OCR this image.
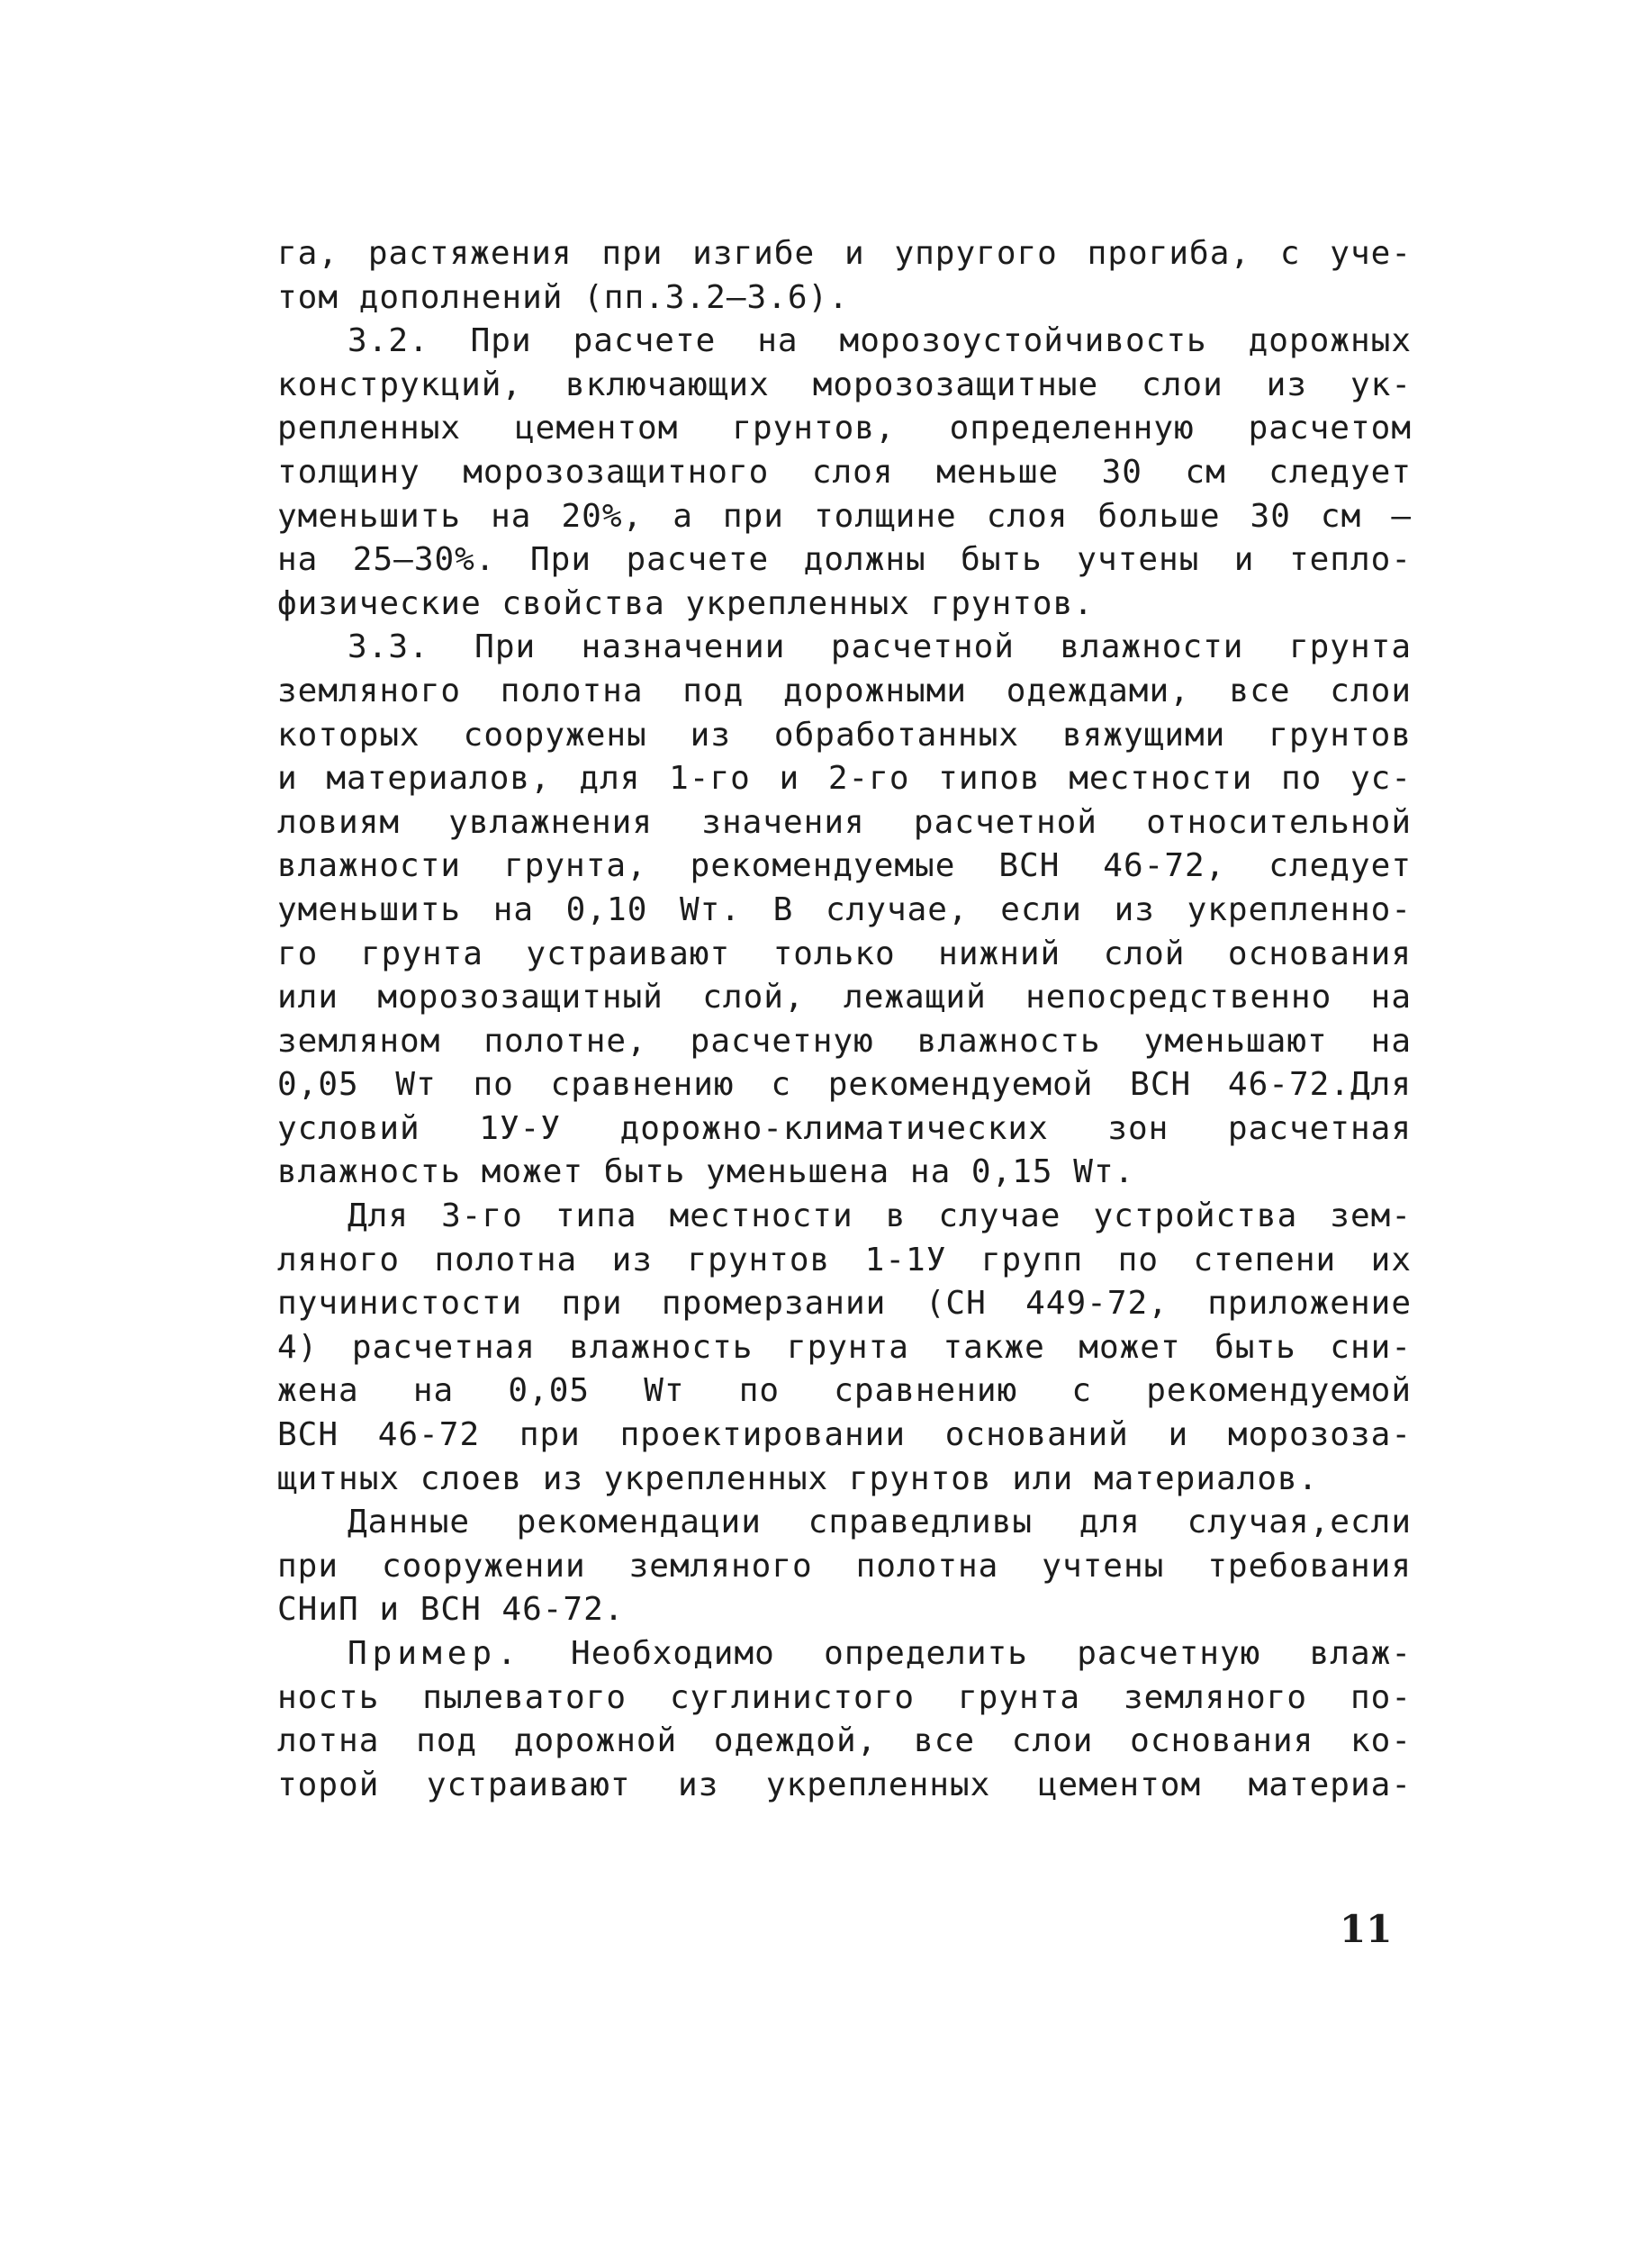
га, растяжения при изгибе и упругого прогиба, с уче-
том дополнений (пп.3.2–3.6).
3.2. При расчете на морозоустойчивость дорожных
конструкций, включающих морозозащитные слои из ук-
репленных цементом грунтов, определенную расчетом
толщину морозозащитного слоя меньше 30 см следует
уменьшить на 20%, а при толщине слоя больше 30 см –
на 25–30%. При расчете должны быть учтены и тепло-
физические свойства укрепленных грунтов.
3.3. При назначении расчетной влажности грунта
земляного полотна под дорожными одеждами, все слои
которых сооружены из обработанных вяжущими грунтов
и материалов, для 1-го и 2-го типов местности по ус-
ловиям увлажнения значения расчетной относительной
влажности грунта, рекомендуемые ВСН 46-72, следует
уменьшить на 0,10 Wт. В случае, если из укрепленно-
го грунта устраивают только нижний слой основания
или морозозащитный слой, лежащий непосредственно на
земляном полотне, расчетную влажность уменьшают на
0,05 Wт по сравнению с рекомендуемой ВСН 46-72.Для
условий 1У-У дорожно-климатических зон расчетная
влажность может быть уменьшена на 0,15 Wт.
Для 3-го типа местности в случае устройства зем-
ляного полотна из грунтов 1-1У групп по степени их
пучинистости при промерзании (СН 449-72, приложение
4) расчетная влажность грунта также может быть сни-
жена на 0,05 Wт по сравнению с рекомендуемой
ВСН 46-72 при проектировании оснований и морозоза-
щитных слоев из укрепленных грунтов или материалов.
Данные рекомендации справедливы для случая,если
при сооружении земляного полотна учтены требования
СНиП и ВСН 46-72.
Пример. Необходимо определить расчетную влаж-
ность пылеватого суглинистого грунта земляного по-
лотна под дорожной одеждой, все слои основания ко-
торой устраивают из укрепленных цементом материа-
11
